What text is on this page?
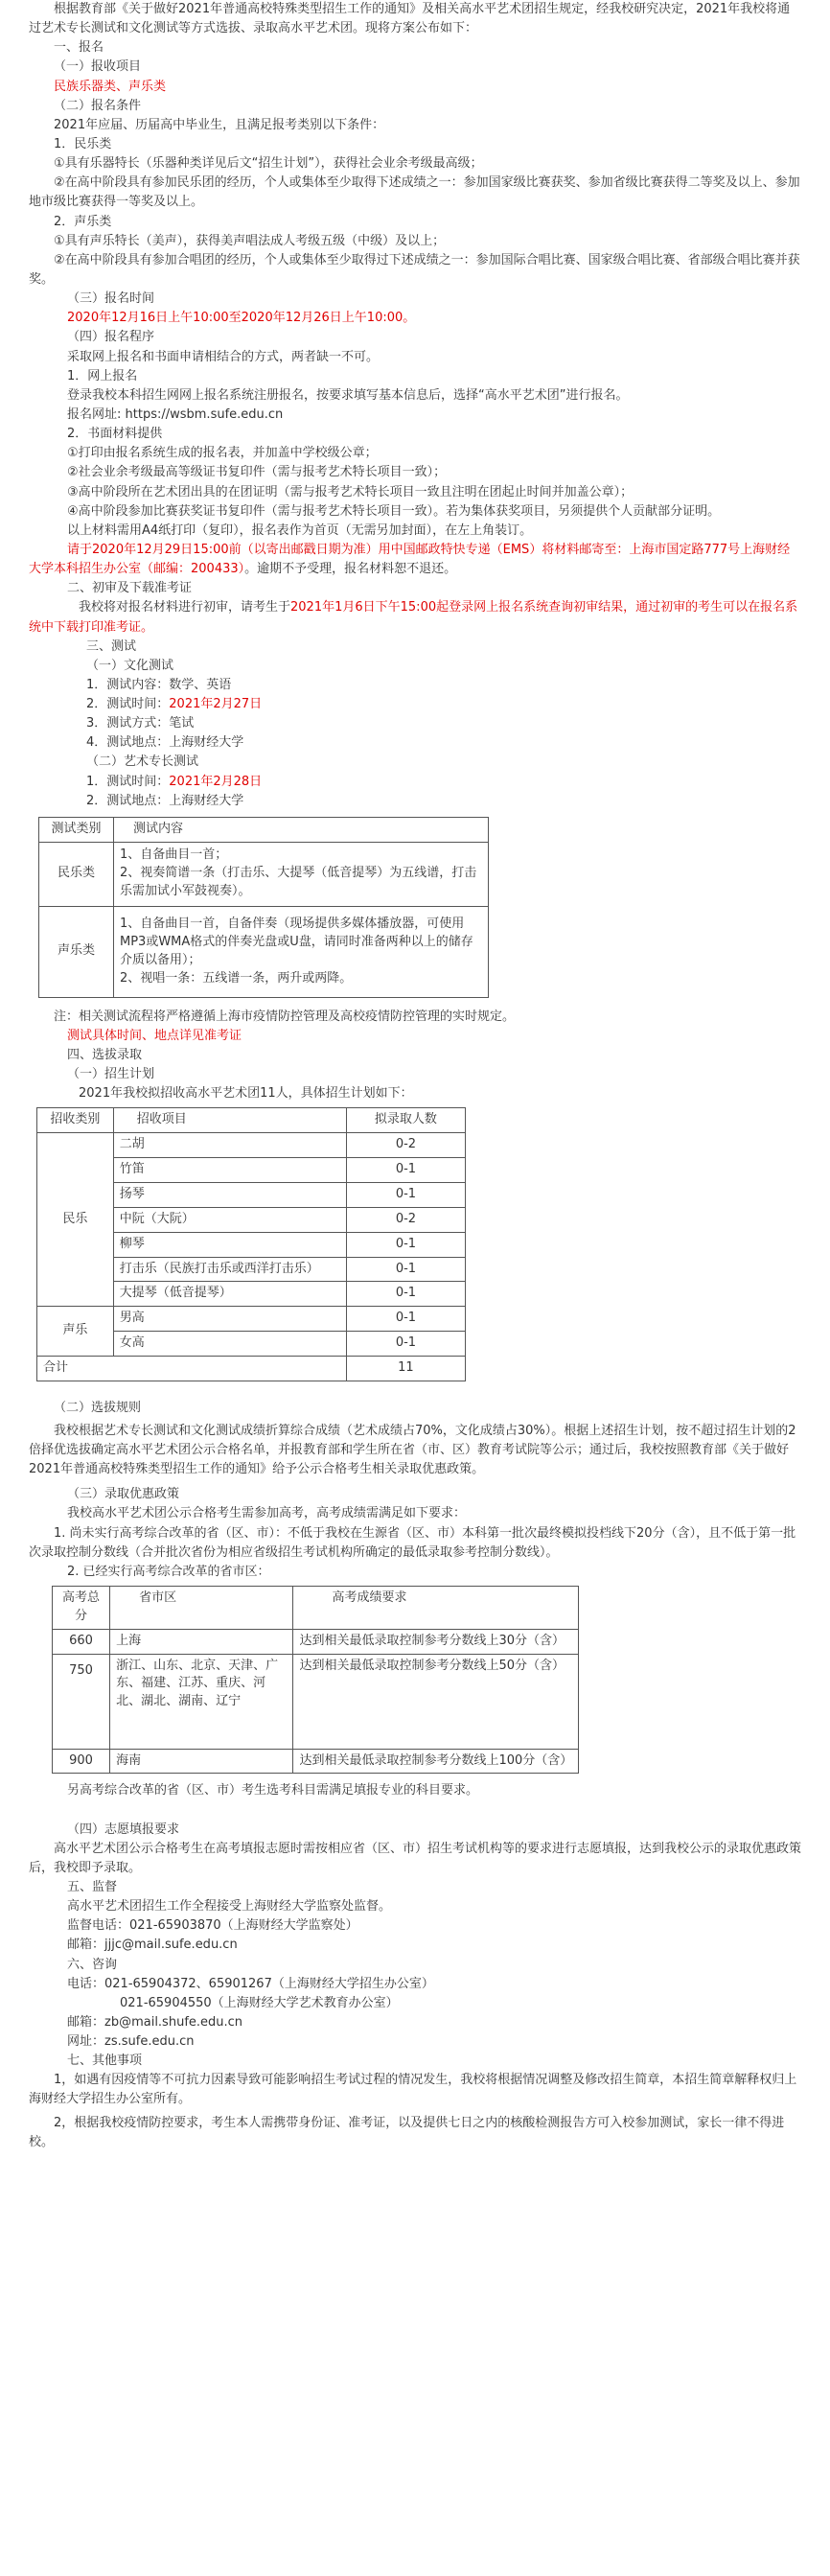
根据教育部《关于做好2021年普通高校特殊类型招生工作的通知》及相关高水平艺术团招生规定，经我校研究决定，2021年我校将通过艺术专长测试和文化测试等方式选拔、录取高水平艺术团。现将方案公布如下：

一、报名

（一）报收项目

民族乐器类、声乐类

（二）报名条件

2021年应届、历届高中毕业生，且满足报考类别以下条件：

1．民乐类

①具有乐器特长（乐器种类详见后文“招生计划”），获得社会业余考级最高级；

②在高中阶段具有参加民乐团的经历，个人或集体至少取得下述成绩之一：参加国家级比赛获奖、参加省级比赛获得二等奖及以上、参加地市级比赛获得一等奖及以上。

2．声乐类

①具有声乐特长（美声），获得美声唱法成人考级五级（中级）及以上；

②在高中阶段具有参加合唱团的经历，个人或集体至少取得过下述成绩之一：参加国际合唱比赛、国家级合唱比赛、省部级合唱比赛并获奖。

（三）报名时间

2020年12月16日上午10:00至2020年12月26日上午10:00。

（四）报名程序

采取网上报名和书面申请相结合的方式，两者缺一不可。

1．网上报名

登录我校本科招生网网上报名系统注册报名，按要求填写基本信息后，选择“高水平艺术团”进行报名。

报名网址: https://wsbm.sufe.edu.cn

2．书面材料提供

①打印由报名系统生成的报名表，并加盖中学校级公章；

②社会业余考级最高等级证书复印件（需与报考艺术特长项目一致）；

③高中阶段所在艺术团出具的在团证明（需与报考艺术特长项目一致且注明在团起止时间并加盖公章）；

④高中阶段参加比赛获奖证书复印件（需与报考艺术特长项目一致）。若为集体获奖项目，另须提供个人贡献部分证明。

以上材料需用A4纸打印（复印），报名表作为首页（无需另加封面），在左上角装订。

请于2020年12月29日15:00前（以寄出邮戳日期为准）用中国邮政特快专递（EMS）将材料邮寄至：上海市国定路777号上海财经大学本科招生办公室（邮编：200433）。逾期不予受理，报名材料恕不退还。

二、初审及下载准考证

我校将对报名材料进行初审，请考生于2021年1月6日下午15:00起登录网上报名系统查询初审结果，通过初审的考生可以在报名系统中下载打印准考证。

三、测试

（一）文化测试

1．测试内容：数学、英语

2．测试时间：2021年2月27日

3．测试方式：笔试

4．测试地点：上海财经大学

（二）艺术专长测试

1．测试时间：2021年2月28日

2．测试地点：上海财经大学

测试类别	测试内容
民乐类	1、自备曲目一首；
2、视奏简谱一条（打击乐、大提琴（低音提琴）为五线谱，打击乐需加试小军鼓视奏）。

声乐类	1、自备曲目一首，自备伴奏（现场提供多媒体播放器，可使用MP3或WMA格式的伴奏光盘或U盘，请同时准备两种以上的储存介质以备用）；
2、视唱一条：五线谱一条，两升或两降。

注：相关测试流程将严格遵循上海市疫情防控管理及高校疫情防控管理的实时规定。

测试具体时间、地点详见准考证

四、选拔录取

（一）招生计划

2021年我校拟招收高水平艺术团11人，具体招生计划如下：

招收类别	招收项目	拟录取人数
民乐	二胡	0-2
	竹笛	0-1
	扬琴	0-1
	中阮（大阮）	0-2
	柳琴	0-1
	打击乐（民族打击乐或西洋打击乐）	0-1
	大提琴（低音提琴）	0-1
声乐	男高	0-1
	女高	0-1
合计		11

（二）选拔规则

我校根据艺术专长测试和文化测试成绩折算综合成绩（艺术成绩占70%，文化成绩占30%）。根据上述招生计划，按不超过招生计划的2倍择优选拔确定高水平艺术团公示合格名单，并报教育部和学生所在省（市、区）教育考试院等公示；通过后，我校按照教育部《关于做好2021年普通高校特殊类型招生工作的通知》给予公示合格考生相关录取优惠政策。

（三）录取优惠政策

我校高水平艺术团公示合格考生需参加高考，高考成绩需满足如下要求：

1. 尚未实行高考综合改革的省（区、市）：不低于我校在生源省（区、市）本科第一批次最终模拟投档线下20分（含），且不低于第一批次录取控制分数线（合并批次省份为相应省级招生考试机构所确定的最低录取参考控制分数线）。

2. 已经实行高考综合改革的省市区：

高考总分	省市区	高考成绩要求
660	上海	达到相关最低录取控制参考分数线上30分（含）
750	浙江、山东、北京、天津、广东、福建、江苏、重庆、河北、湖北、湖南、辽宁	达到相关最低录取控制参考分数线上50分（含）
900	海南	达到相关最低录取控制参考分数线上100分（含）

另高考综合改革的省（区、市）考生选考科目需满足填报专业的科目要求。

（四）志愿填报要求

高水平艺术团公示合格考生在高考填报志愿时需按相应省（区、市）招生考试机构等的要求进行志愿填报，达到我校公示的录取优惠政策后，我校即予录取。

五、监督

高水平艺术团招生工作全程接受上海财经大学监察处监督。

监督电话：021-65903870（上海财经大学监察处）

邮箱：jjjc@mail.sufe.edu.cn

六、咨询

电话：021-65904372、65901267（上海财经大学招生办公室）

021-65904550（上海财经大学艺术教育办公室）

邮箱：zb@mail.shufe.edu.cn

网址：zs.sufe.edu.cn

七、其他事项

1，如遇有因疫情等不可抗力因素导致可能影响招生考试过程的情况发生，我校将根据情况调整及修改招生简章，本招生简章解释权归上海财经大学招生办公室所有。

2，根据我校疫情防控要求，考生本人需携带身份证、准考证，以及提供七日之内的核酸检测报告方可入校参加测试，家长一律不得进校。
